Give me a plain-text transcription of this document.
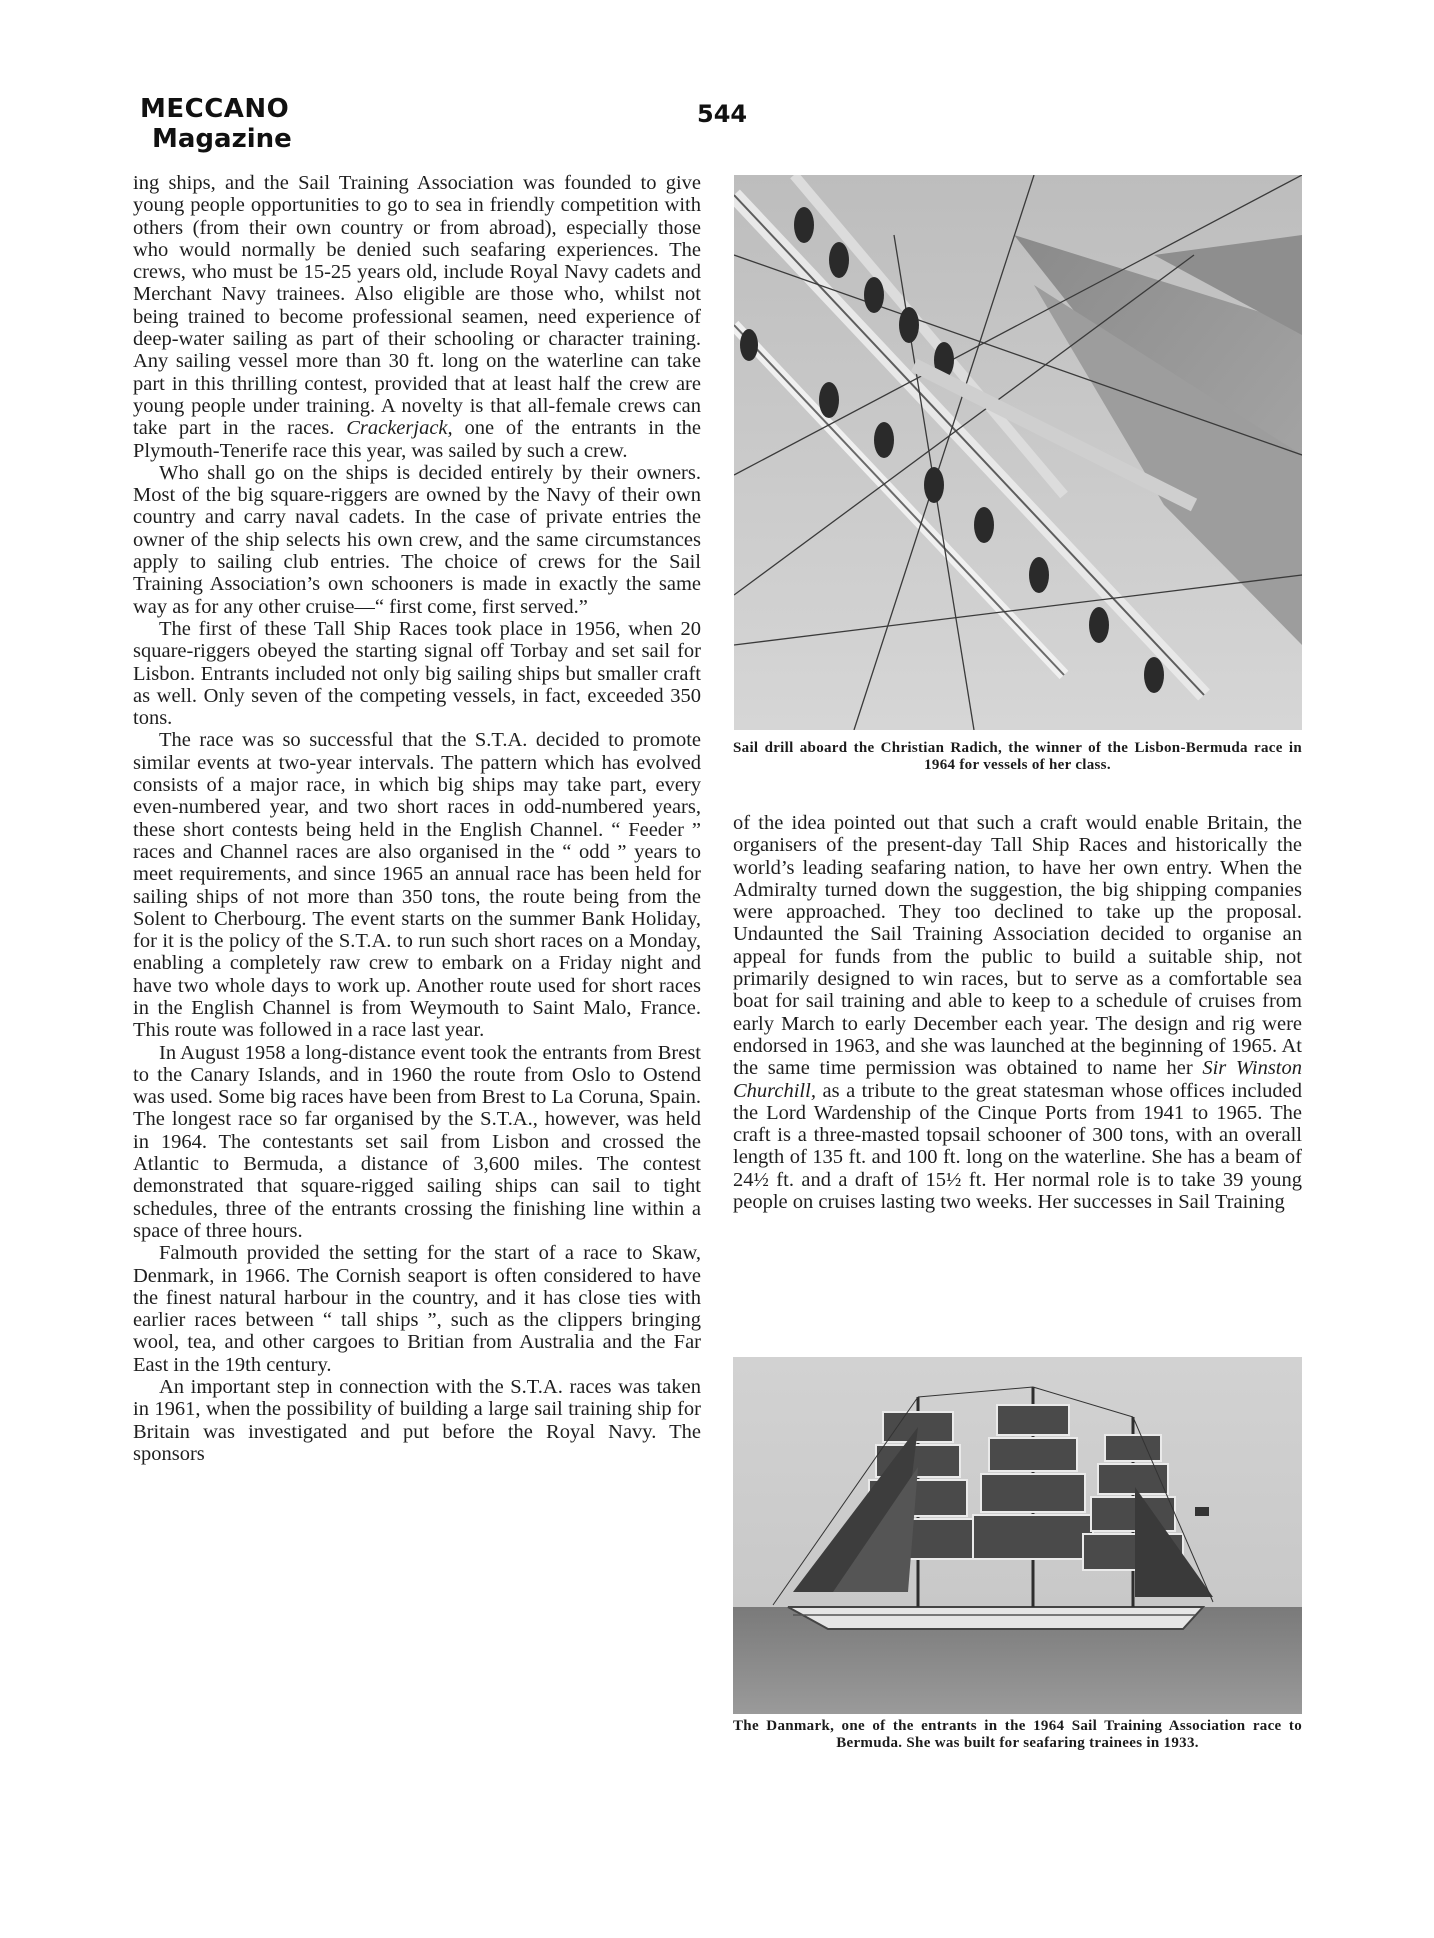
MECCANO
Magazine
544

ing ships, and the Sail Training Association was founded to give young people opportunities to go to sea in friendly competition with others (from their own country or from abroad), especially those who would normally be denied such seafaring experiences. The crews, who must be 15-25 years old, include Royal Navy cadets and Merchant Navy trainees. Also eligible are those who, whilst not being trained to become professional seamen, need experience of deep-water sailing as part of their schooling or character training. Any sailing vessel more than 30 ft. long on the waterline can take part in this thrilling contest, provided that at least half the crew are young people under training. A novelty is that all-female crews can take part in the races. Crackerjack, one of the entrants in the Plymouth-Tenerife race this year, was sailed by such a crew.

Who shall go on the ships is decided entirely by their owners. Most of the big square-riggers are owned by the Navy of their own country and carry naval cadets. In the case of private entries the owner of the ship selects his own crew, and the same circumstances apply to sailing club entries. The choice of crews for the Sail Training Association’s own schooners is made in exactly the same way as for any other cruise—“ first come, first served.”

The first of these Tall Ship Races took place in 1956, when 20 square-riggers obeyed the starting signal off Torbay and set sail for Lisbon. Entrants included not only big sailing ships but smaller craft as well. Only seven of the competing vessels, in fact, exceeded 350 tons.

The race was so successful that the S.T.A. decided to promote similar events at two-year intervals. The pattern which has evolved consists of a major race, in which big ships may take part, every even-numbered year, and two short races in odd-numbered years, these short contests being held in the English Channel. “ Feeder ” races and Channel races are also organised in the “ odd ” years to meet requirements, and since 1965 an annual race has been held for sailing ships of not more than 350 tons, the route being from the Solent to Cherbourg. The event starts on the summer Bank Holiday, for it is the policy of the S.T.A. to run such short races on a Monday, enabling a completely raw crew to embark on a Friday night and have two whole days to work up. Another route used for short races in the English Channel is from Weymouth to Saint Malo, France. This route was followed in a race last year.

In August 1958 a long-distance event took the entrants from Brest to the Canary Islands, and in 1960 the route from Oslo to Ostend was used. Some big races have been from Brest to La Coruna, Spain. The longest race so far organised by the S.T.A., however, was held in 1964. The contestants set sail from Lisbon and crossed the Atlantic to Bermuda, a distance of 3,600 miles. The contest demonstrated that square-rigged sailing ships can sail to tight schedules, three of the entrants crossing the finishing line within a space of three hours.

Falmouth provided the setting for the start of a race to Skaw, Denmark, in 1966. The Cornish seaport is often considered to have the finest natural harbour in the country, and it has close ties with earlier races between “ tall ships ”, such as the clippers bringing wool, tea, and other cargoes to Britian from Australia and the Far East in the 19th century.

An important step in connection with the S.T.A. races was taken in 1961, when the possibility of building a large sail training ship for Britain was investigated and put before the Royal Navy. The sponsors

Sail drill aboard the Christian Radich, the winner of the Lisbon-Bermuda race in 1964 for vessels of her class.

of the idea pointed out that such a craft would enable Britain, the organisers of the present-day Tall Ship Races and historically the world’s leading seafaring nation, to have her own entry. When the Admiralty turned down the suggestion, the big shipping companies were approached. They too declined to take up the proposal. Undaunted the Sail Training Association decided to organise an appeal for funds from the public to build a suitable ship, not primarily designed to win races, but to serve as a comfortable sea boat for sail training and able to keep to a schedule of cruises from early March to early December each year. The design and rig were endorsed in 1963, and she was launched at the beginning of 1965. At the same time permission was obtained to name her Sir Winston Churchill, as a tribute to the great statesman whose offices included the Lord Wardenship of the Cinque Ports from 1941 to 1965. The craft is a three-masted topsail schooner of 300 tons, with an overall length of 135 ft. and 100 ft. long on the waterline. She has a beam of 24½ ft. and a draft of 15½ ft. Her normal role is to take 39 young people on cruises lasting two weeks. Her successes in Sail Training

The Danmark, one of the entrants in the 1964 Sail Training Association race to Bermuda. She was built for seafaring trainees in 1933.
